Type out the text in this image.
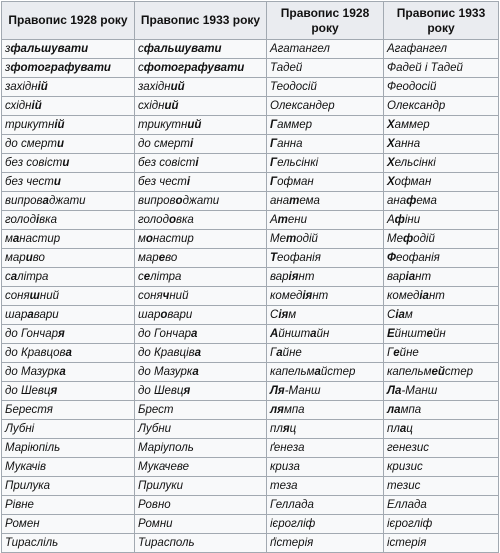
Правопис 1928 року	Правопис 1933 року	Правопис 1928 року	Правопис 1933 року
зфальшувати	сфальшувати	Агатангел	Агафангел
зфотографувати	сфотографувати	Тадей	Фадей і Тадей
західній	західний	Теодосій	Феодосій
східній	східний	Олександер	Олександр
трикутній	трикутний	Гаммер	Хаммер
до смерти	до смерті	Ганна	Ханна
без совісти	без совісті	Гельсінкі	Хельсінкі
без чести	без честі	Гофман	Хофман
випроваджати	випроводжати	анатема	анафема
голодівка	голодовка	Атени	Афіни
манастир	монастир	Методій	Мефодій
мариво	марево	Теофанія	Феофанія
салітра	селітра	варіянт	варіант
соняшний	сонячний	комедіянт	комедіант
шаравари	шаровари	Сіям	Сіам
до Гончаря	до Гончара	Айнштайн	Ейнштейн
до Кравцова	до Кравціва	Гайне	Гейне
до Мазурка	до Мазурка	капельмайстер	капельмейстер
до Шевця	до Шевця	Ля-Манш	Ла-Манш
Берестя	Брест	лямпа	лампа
Лубні	Лубни	пляц	плац
Маріюпіль	Маріуполь	ґенеза	генезис
Мукачів	Мукачеве	криза	кризис
Прилука	Прилуки	теза	тезис
Рівне	Ровно	Геллада	Еллада
Ромен	Ромни	ієрогліф	ієрогліф
Тирасліль	Тирасполь	ґістерія	істерія
